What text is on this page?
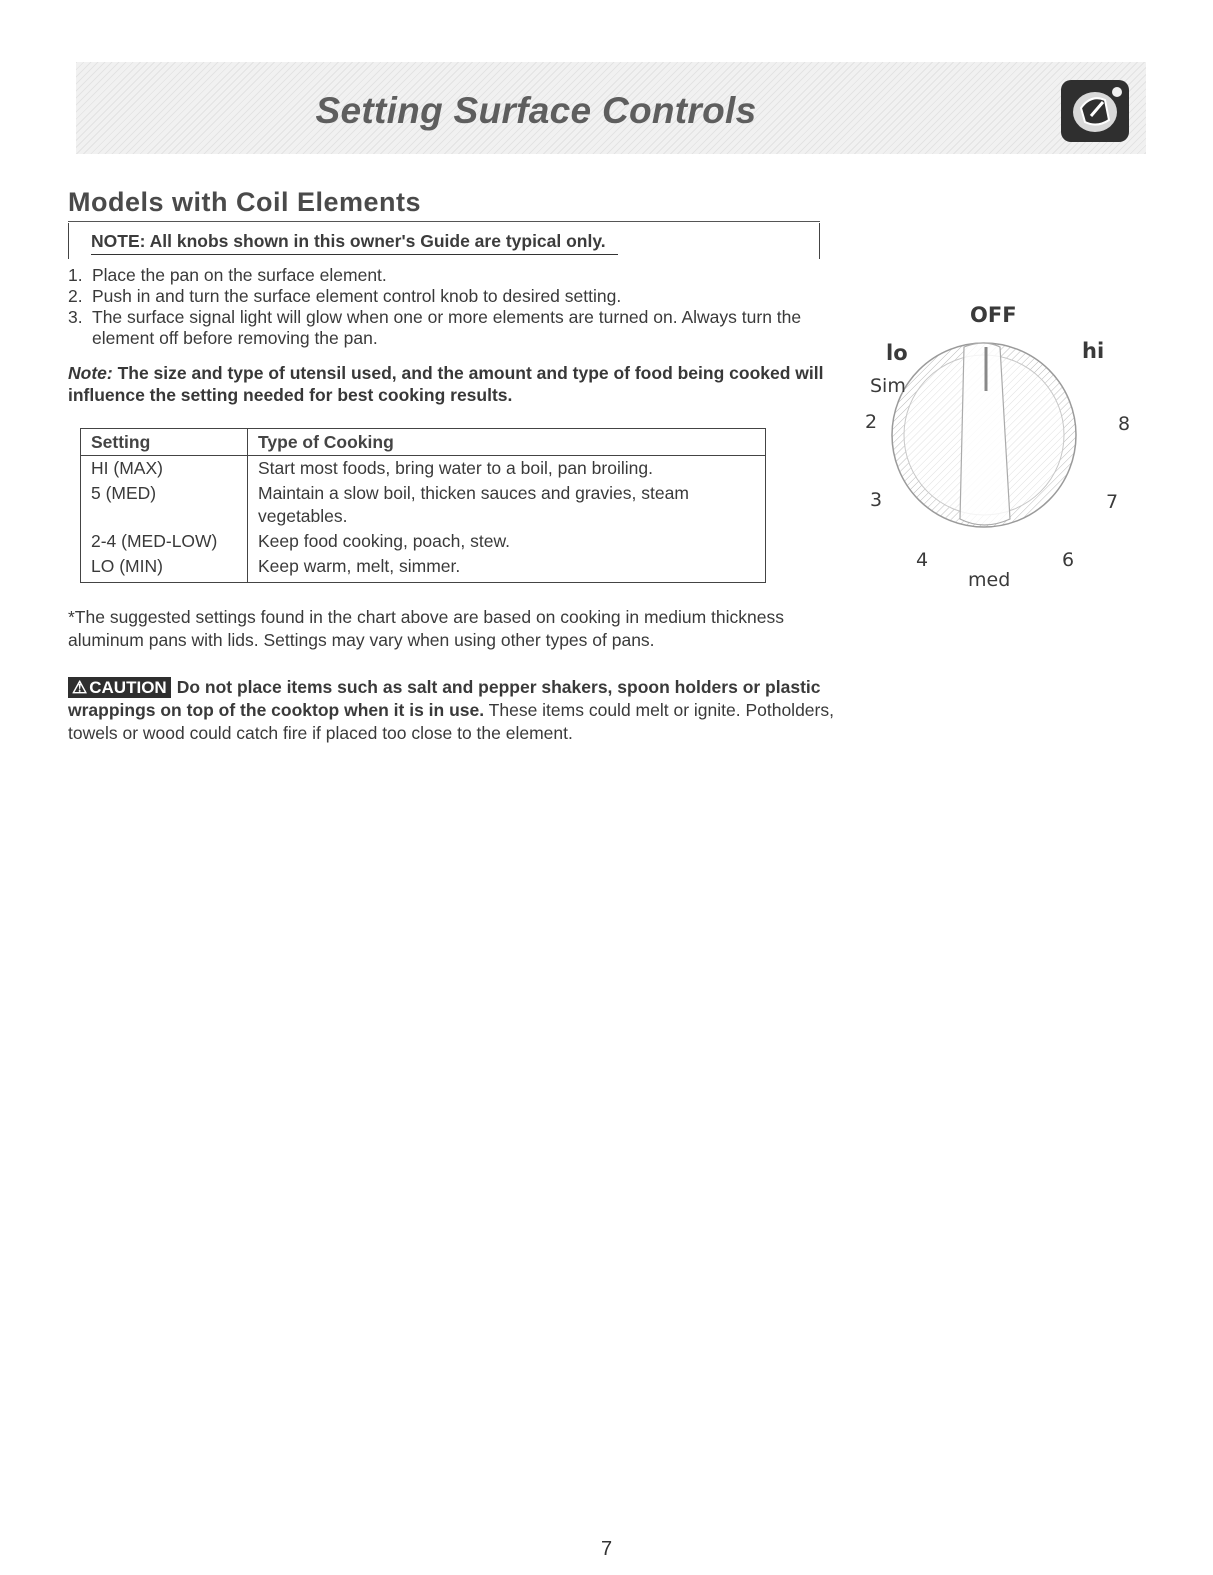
Setting Surface Controls
Models with Coil Elements
NOTE: All knobs shown in this owner's Guide are typical only.
1. Place the pan on the surface element.
2. Push in and turn the surface element control knob to desired setting.
3. The surface signal light will glow when one or more elements are turned on. Always turn the element off before removing the pan.
Note: The size and type of utensil used, and the amount and type of food being cooked will influence the setting needed for best cooking results.
Setting	Type of Cooking
HI (MAX)	Start most foods, bring water to a boil, pan broiling.
5 (MED)	Maintain a slow boil, thicken sauces and gravies, steam vegetables.
2-4 (MED-LOW)	Keep food cooking, poach, stew.
LO (MIN)	Keep warm, melt, simmer.
*The suggested settings found in the chart above are based on cooking in medium thickness aluminum pans with lids. Settings may vary when using other types of pans.
⚠ CAUTION Do not place items such as salt and pepper shakers, spoon holders or plastic wrappings on top of the cooktop when it is in use. These items could melt or ignite. Potholders, towels or wood could catch fire if placed too close to the element.
OFF
lo	hi
Sim
2	8
3	7
4	6
med
7
